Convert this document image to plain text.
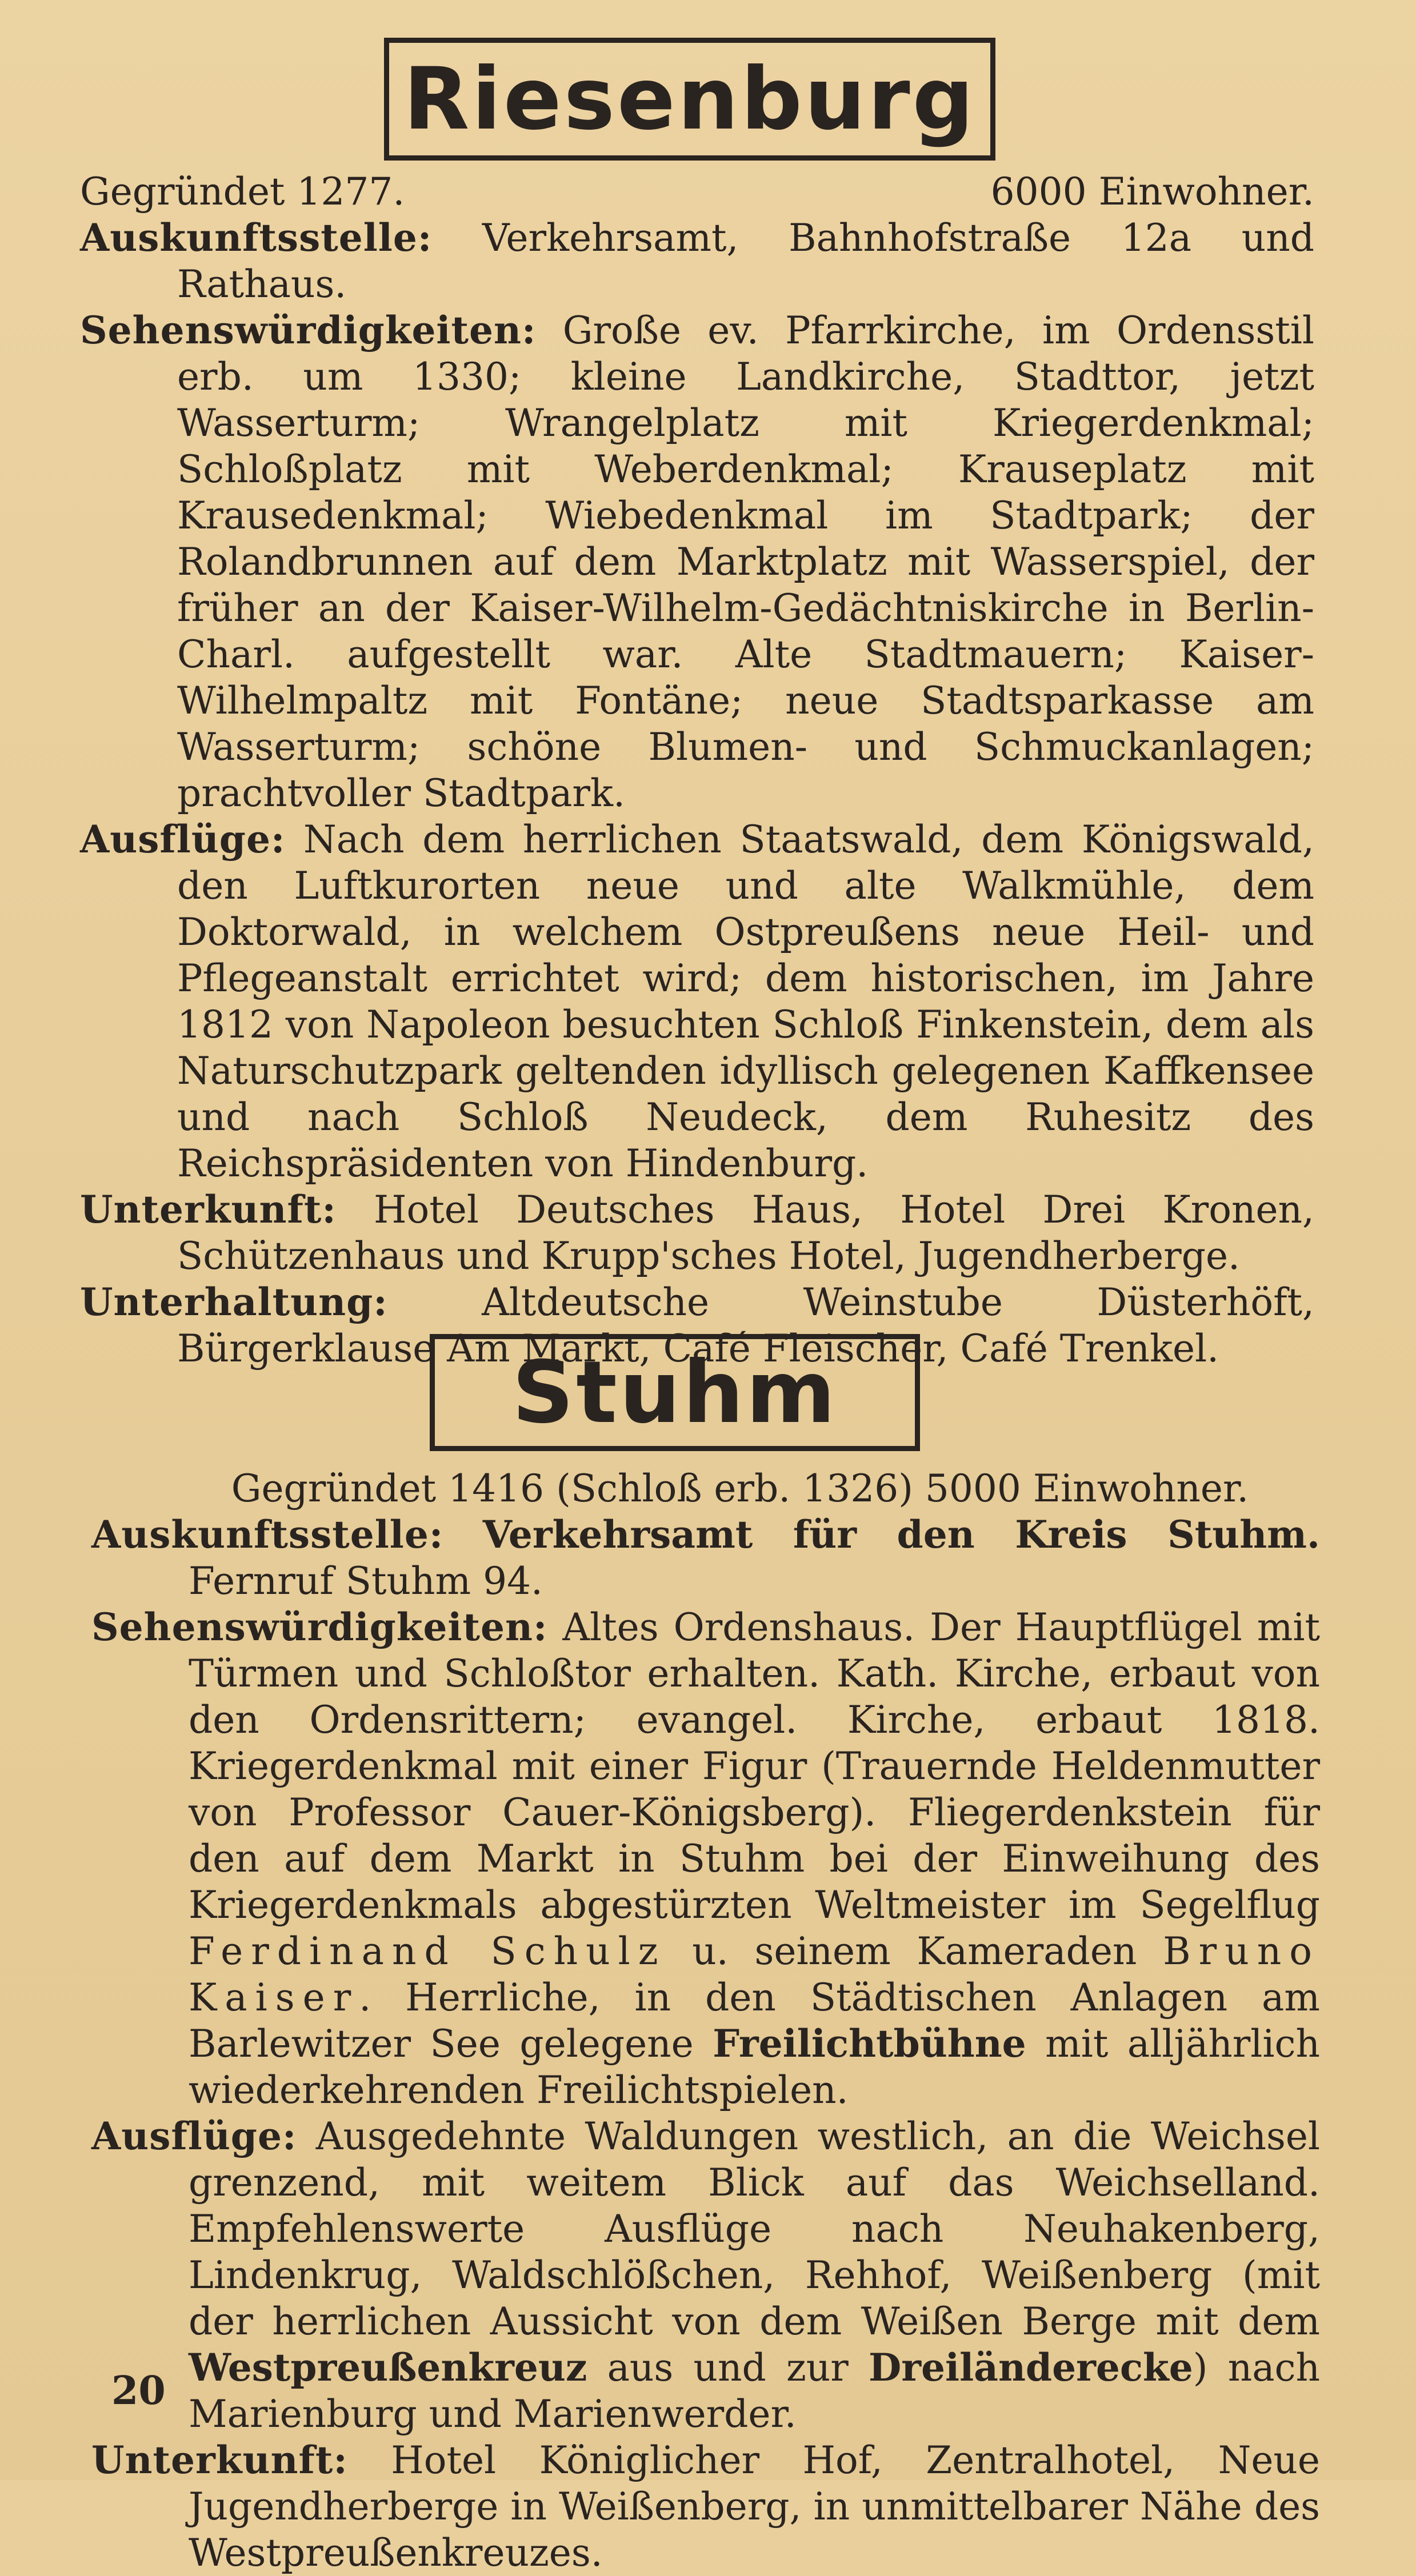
Riesenburg
Gegründet 1277.	6000 Einwohner.
Auskunftsstelle: Verkehrsamt, Bahnhofstraße 12a und Rathaus.
Sehenswürdigkeiten: Große ev. Pfarrkirche, im Ordensstil erb. um 1330; kleine Landkirche, Stadttor, jetzt Wasserturm; Wrangelplatz mit Kriegerdenkmal; Schloßplatz mit Weberdenkmal; Krauseplatz mit Krausedenkmal; Wiebedenkmal im Stadtpark; der Rolandbrunnen auf dem Marktplatz mit Wasserspiel, der früher an der Kaiser-Wilhelm-Gedächtniskirche in Berlin-Charl. aufgestellt war. Alte Stadtmauern; Kaiser-Wilhelmpaltz mit Fontäne; neue Stadtsparkasse am Wasserturm; schöne Blumen- und Schmuckanlagen; prachtvoller Stadtpark.
Ausflüge: Nach dem herrlichen Staatswald, dem Königswald, den Luftkurorten neue und alte Walkmühle, dem Doktorwald, in welchem Ostpreußens neue Heil- und Pflegeanstalt errichtet wird; dem historischen, im Jahre 1812 von Napoleon besuchten Schloß Finkenstein, dem als Naturschutzpark geltenden idyllisch gelegenen Kaffkensee und nach Schloß Neudeck, dem Ruhesitz des Reichspräsidenten von Hindenburg.
Unterkunft: Hotel Deutsches Haus, Hotel Drei Kronen, Schützenhaus und Krupp'sches Hotel, Jugendherberge.
Unterhaltung: Altdeutsche Weinstube Düsterhöft, Bürgerklause Am Markt, Café Fleischer, Café Trenkel.
Stuhm
Gegründet 1416 (Schloß erb. 1326) 5000 Einwohner.
Auskunftsstelle: Verkehrsamt für den Kreis Stuhm. Fernruf Stuhm 94.
Sehenswürdigkeiten: Altes Ordenshaus. Der Hauptflügel mit Türmen und Schloßtor erhalten. Kath. Kirche, erbaut von den Ordensrittern; evangel. Kirche, erbaut 1818. Kriegerdenkmal mit einer Figur (Trauernde Heldenmutter von Professor Cauer-Königsberg). Fliegerdenkstein für den auf dem Markt in Stuhm bei der Einweihung des Kriegerdenkmals abgestürzten Weltmeister im Segelflug Ferdinand Schulz u. seinem Kameraden Bruno Kaiser. Herrliche, in den Städtischen Anlagen am Barlewitzer See gelegene Freilichtbühne mit alljährlich wiederkehrenden Freilichtspielen.
Ausflüge: Ausgedehnte Waldungen westlich, an die Weichsel grenzend, mit weitem Blick auf das Weichselland. Empfehlenswerte Ausflüge nach Neuhakenberg, Lindenkrug, Waldschlößchen, Rehhof, Weißenberg (mit der herrlichen Aussicht von dem Weißen Berge mit dem Westpreußenkreuz aus und zur Dreiländerecke) nach Marienburg und Marienwerder.
Unterkunft: Hotel Königlicher Hof, Zentralhotel, Neue Jugendherberge in Weißenberg, in unmittelbarer Nähe des Westpreußenkreuzes.
20
